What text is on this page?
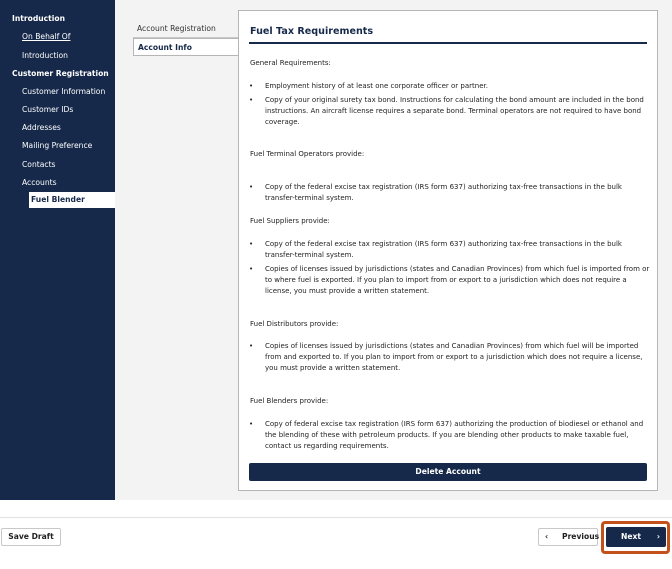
Introduction
On Behalf Of
Introduction
Customer Registration
Customer Information
Customer IDs
Addresses
Mailing Preference
Contacts
Accounts
Fuel Blender
Account Registration
Account Info
Fuel Tax Requirements
General Requirements:
• Employment history of at least one corporate officer or partner.
• Copy of your original surety tax bond. Instructions for calculating the bond amount are included in the bond instructions. An aircraft license requires a separate bond. Terminal operators are not required to have bond coverage.
Fuel Terminal Operators provide:
• Copy of the federal excise tax registration (IRS form 637) authorizing tax-free transactions in the bulk transfer-terminal system.
Fuel Suppliers provide:
• Copy of the federal excise tax registration (IRS form 637) authorizing tax-free transactions in the bulk transfer-terminal system.
• Copies of licenses issued by jurisdictions (states and Canadian Provinces) from which fuel is imported from or to where fuel is exported. If you plan to import from or export to a jurisdiction which does not require a license, you must provide a written statement.
Fuel Distributors provide:
• Copies of licenses issued by jurisdictions (states and Canadian Provinces) from which fuel will be imported from and exported to. If you plan to import from or export to a jurisdiction which does not require a license, you must provide a written statement.
Fuel Blenders provide:
• Copy of federal excise tax registration (IRS form 637) authorizing the production of biodiesel or ethanol and the blending of these with petroleum products. If you are blending other products to make taxable fuel, contact us regarding requirements.
Delete Account
Save Draft	‹ Previous	Next ›
